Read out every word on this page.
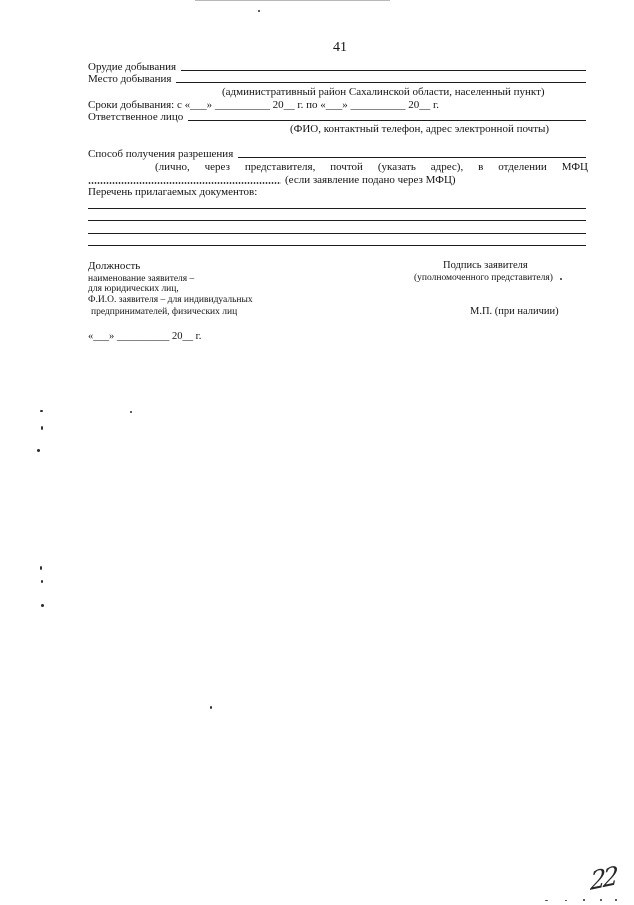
41
Орудие добывания
Место добывания
(административный район Сахалинской области, населенный пункт)
Сроки добывания: с «___» __________ 20__ г. по «___» __________ 20__ г.
Ответственное лицо
(ФИО, контактный телефон, адрес электронной почты)
Способ получения разрешения
(лично, через представителя, почтой (указать адрес), в отделении МФЦ
(если заявление подано через МФЦ)
Перечень прилагаемых документов:
Должность
наименование заявителя –
для юридических лиц,
Ф.И.О. заявителя – для индивидуальных
предпринимателей, физических лиц
Подпись заявителя
(уполномоченного представителя)
М.П. (при наличии)
«___» __________ 20__ г.
22
